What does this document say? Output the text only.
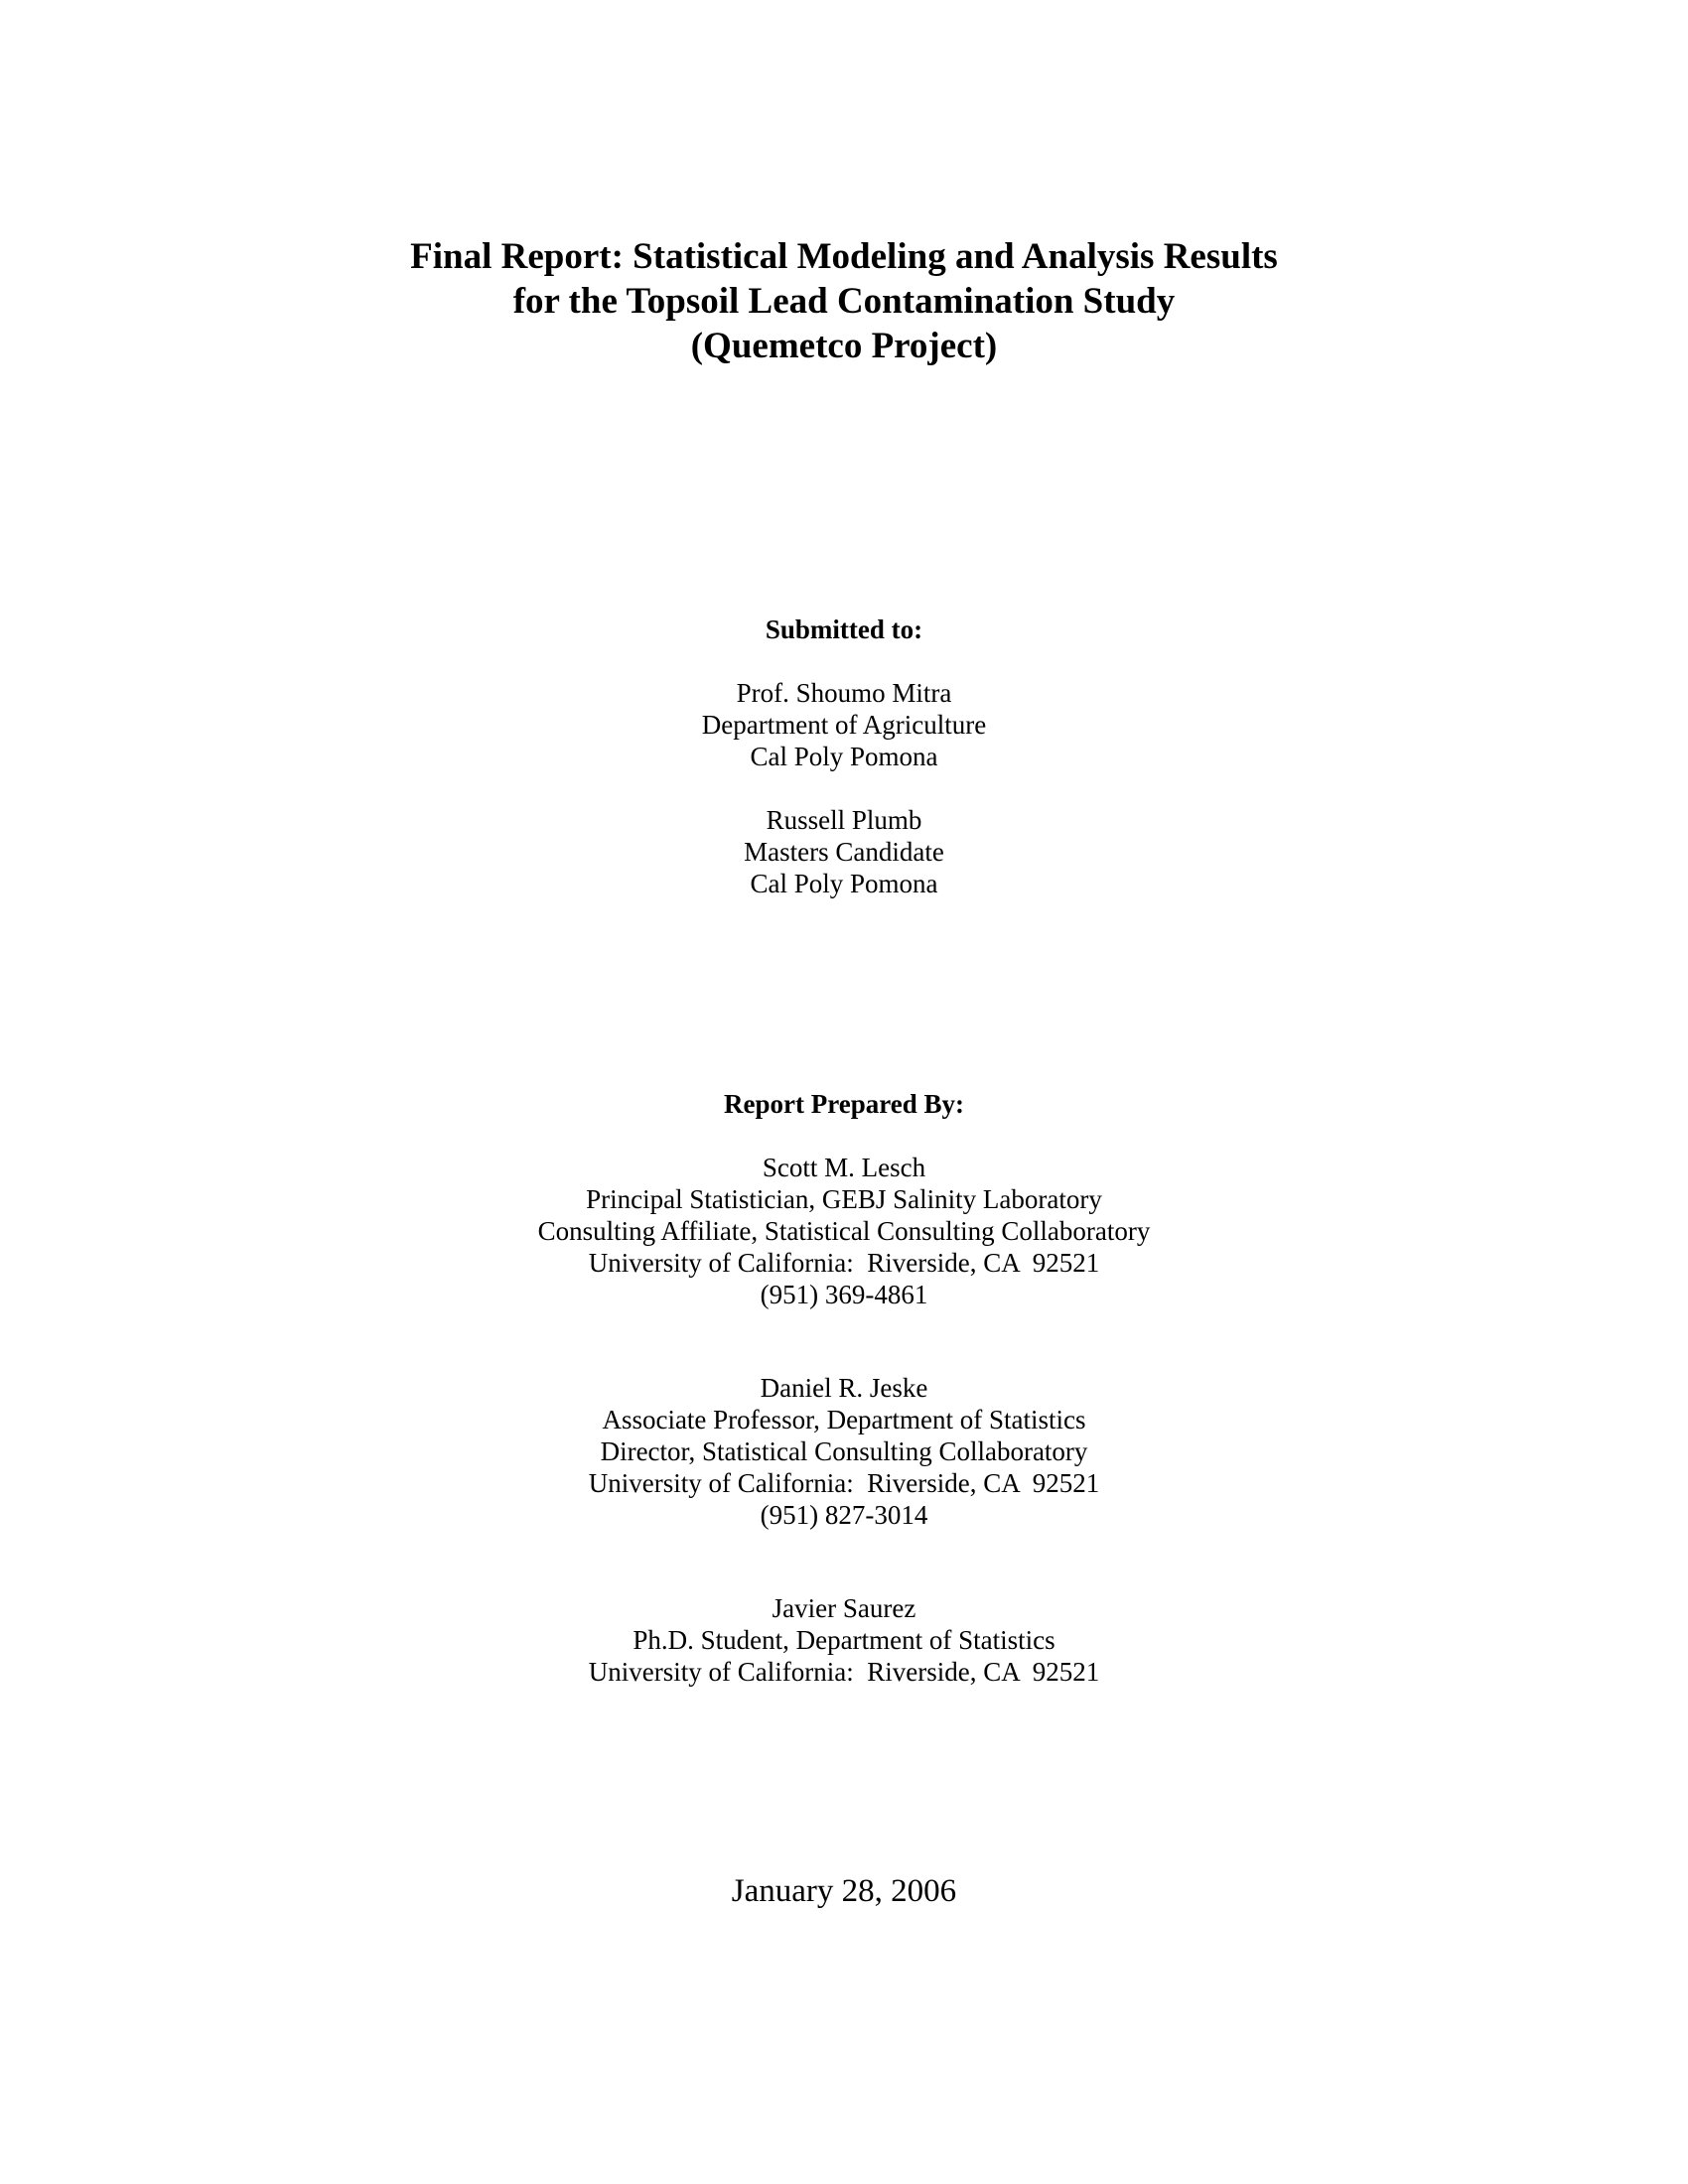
Final Report: Statistical Modeling and Analysis Results
for the Topsoil Lead Contamination Study
(Quemetco Project)
Submitted to:
Prof. Shoumo Mitra
Department of Agriculture
Cal Poly Pomona
Russell Plumb
Masters Candidate
Cal Poly Pomona
Report Prepared By:
Scott M. Lesch
Principal Statistician, GEBJ Salinity Laboratory
Consulting Affiliate, Statistical Consulting Collaboratory
University of California:  Riverside, CA  92521
(951) 369-4861
Daniel R. Jeske
Associate Professor, Department of Statistics
Director, Statistical Consulting Collaboratory
University of California:  Riverside, CA  92521
(951) 827-3014
Javier Saurez
Ph.D. Student, Department of Statistics
University of California:  Riverside, CA  92521
January 28, 2006
